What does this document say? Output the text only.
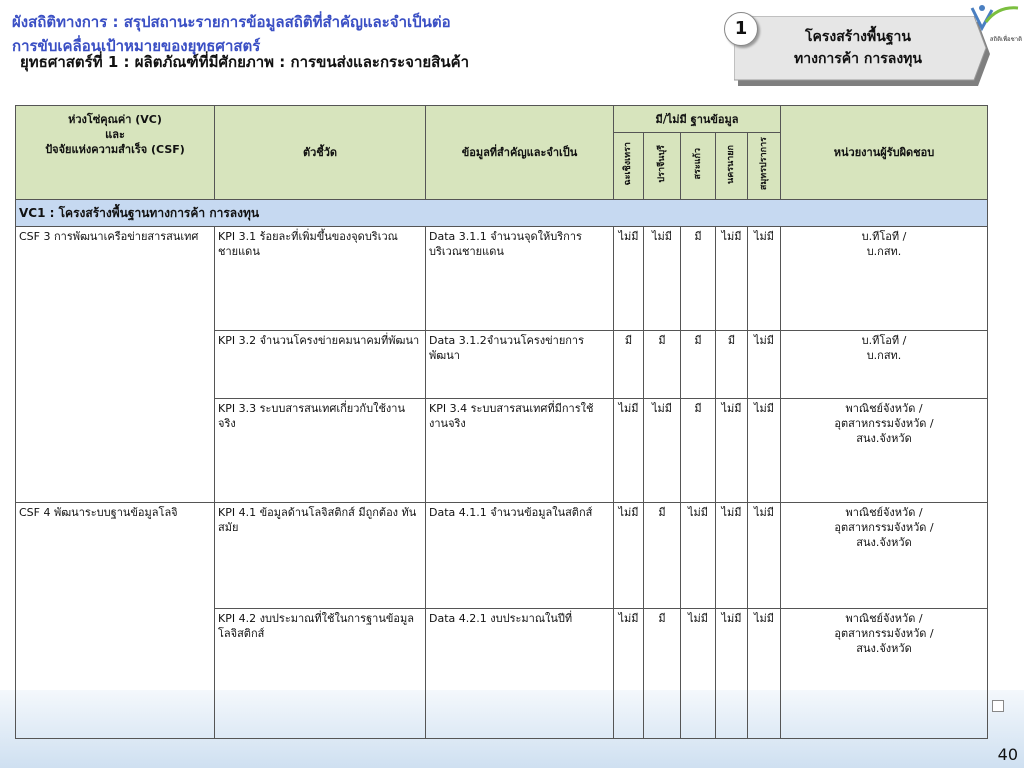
ผังสถิติทางการ : สรุปสถานะรายการข้อมูลสถิติที่สำคัญและจำเป็นต่อ
การขับเคลื่อนเป้าหมายของยุทธศาสตร์
ยุทธศาสตร์ที่ 1 : ผลิตภัณฑ์ที่มีศักยภาพ : การขนส่งและกระจายสินค้า
โครงสร้างพื้นฐาน
ทางการค้า การลงทุน
1
สถิติเพื่อชาติ
ห่วงโซ่คุณค่า (VC)
และ
ปัจจัยแห่งความสำเร็จ (CSF)	ตัวชี้วัด	ข้อมูลที่สำคัญและจำเป็น	มี/ไม่มี ฐานข้อมูล					หน่วยงานผู้รับผิดชอบ
			ฉะเชิงเทรา	ปราจีนบุรี	สระแก้ว	นครนายก	สมุทรปราการ	
VC1 : โครงสร้างพื้นฐานทางการค้า การลงทุน								
CSF 3 การพัฒนาเครือข่ายสารสนเทศ	KPI 3.1 ร้อยละที่เพิ่มขึ้นของจุดบริเวณชายแดน	Data 3.1.1 จำนวนจุดให้บริการบริเวณชายแดน	ไม่มี	ไม่มี	มี	ไม่มี	ไม่มี	บ.ทีโอที /
บ.กสท.

	KPI 3.2 จำนวนโครงข่ายคมนาคมที่พัฒนา	Data 3.1.2จำนวนโครงข่ายการพัฒนา	มี	มี	มี	มี	ไม่มี	บ.ทีโอที /
บ.กสท.

	KPI 3.3 ระบบสารสนเทศเกี่ยวกับใช้งานจริง	KPI 3.4 ระบบสารสนเทศที่มีการใช้งานจริง	ไม่มี	ไม่มี	มี	ไม่มี	ไม่มี	พาณิชย์จังหวัด /
อุตสาหกรรมจังหวัด /
สนง.จังหวัด

CSF 4 พัฒนาระบบฐานข้อมูลโลจิ	KPI 4.1 ข้อมูลด้านโลจิสติกส์ มีถูกต้อง ทันสมัย	Data 4.1.1 จำนวนข้อมูลในสติกส์	ไม่มี	มี	ไม่มี	ไม่มี	ไม่มี	พาณิชย์จังหวัด /
อุตสาหกรรมจังหวัด /
สนง.จังหวัด

	KPI 4.2 งบประมาณที่ใช้ในการฐานข้อมูลโลจิสติกส์	Data 4.2.1 งบประมาณในปีที่	ไม่มี	มี	ไม่มี	ไม่มี	ไม่มี	พาณิชย์จังหวัด /
อุตสาหกรรมจังหวัด /
สนง.จังหวัด
40
